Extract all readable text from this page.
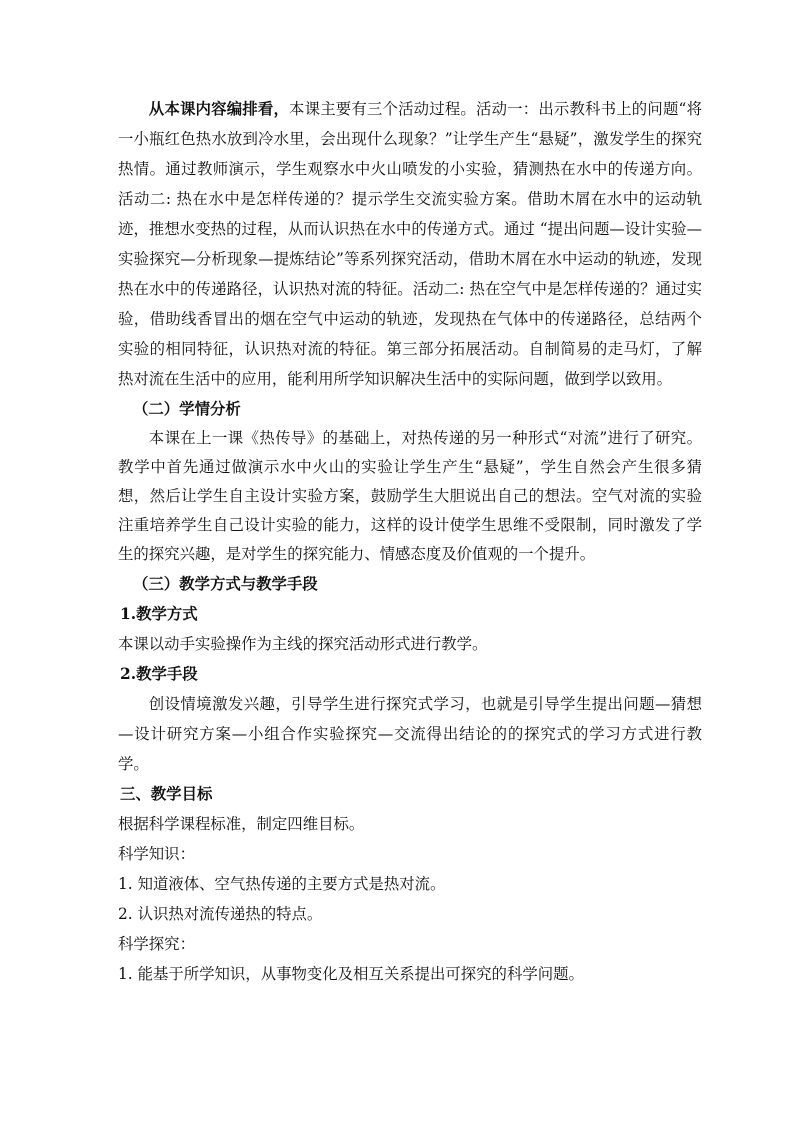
从本课内容编排看，本课主要有三个活动过程。活动一：出示教科书上的问题“将一小瓶红色热水放到冷水里，会出现什么现象？”让学生产生“悬疑”，激发学生的探究热情。通过教师演示，学生观察水中火山喷发的小实验，猜测热在水中的传递方向。活动二: 热在水中是怎样传递的？提示学生交流实验方案。借助木屑在水中的运动轨迹，推想水变热的过程，从而认识热在水中的传递方式。通过 “提出问题—设计实验—实验探究—分析现象—提炼结论”等系列探究活动，借助木屑在水中运动的轨迹，发现热在水中的传递路径，认识热对流的特征。活动二: 热在空气中是怎样传递的？通过实验，借助线香冒出的烟在空气中运动的轨迹，发现热在气体中的传递路径，总结两个实验的相同特征，认识热对流的特征。第三部分拓展活动。自制简易的走马灯，了解热对流在生活中的应用，能利用所学知识解决生活中的实际问题，做到学以致用。

（二）学情分析

本课在上一课《热传导》的基础上，对热传递的另一种形式“对流”进行了研究。教学中首先通过做演示水中火山的实验让学生产生“悬疑”，学生自然会产生很多猜想，然后让学生自主设计实验方案，鼓励学生大胆说出自己的想法。空气对流的实验注重培养学生自己设计实验的能力，这样的设计使学生思维不受限制，同时激发了学生的探究兴趣，是对学生的探究能力、情感态度及价值观的一个提升。

（三）教学方式与教学手段

1.教学方式

本课以动手实验操作为主线的探究活动形式进行教学。

2.教学手段

创设情境激发兴趣，引导学生进行探究式学习，也就是引导学生提出问题—猜想—设计研究方案—小组合作实验探究—交流得出结论的的探究式的学习方式进行教学。

三、教学目标

根据科学课程标准，制定四维目标。

科学知识：

1. 知道液体、空气热传递的主要方式是热对流。

2. 认识热对流传递热的特点。

科学探究：

1. 能基于所学知识，从事物变化及相互关系提出可探究的科学问题。
